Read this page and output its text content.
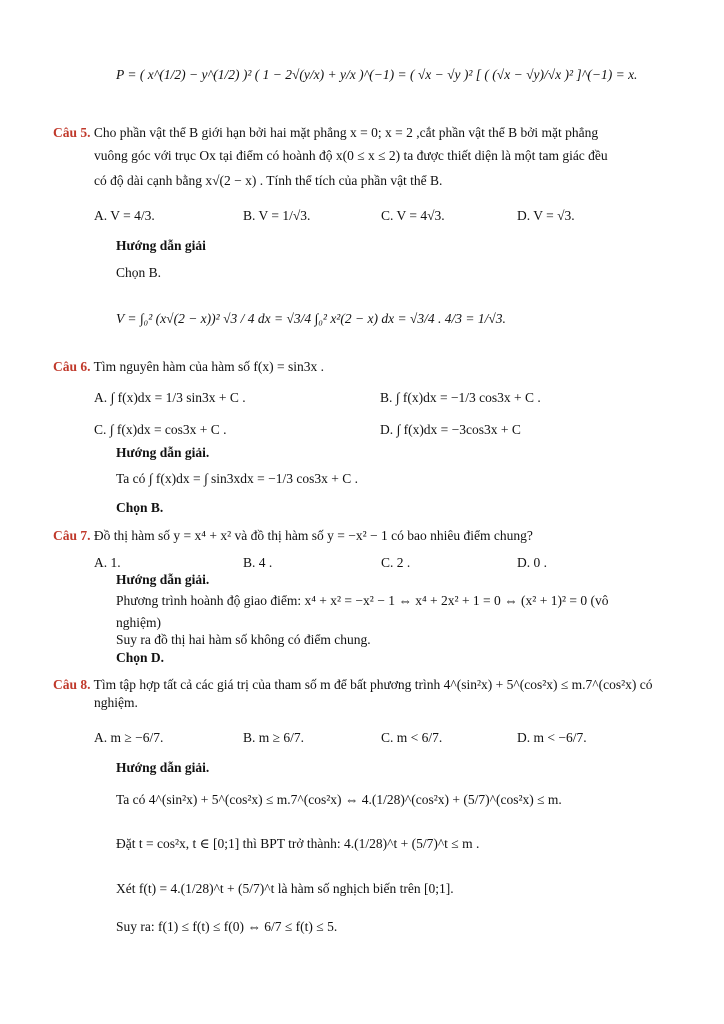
P = ( x^(1/2) − y^(1/2) )² ( 1 − 2√(y/x) + y/x )^(−1) = ( √x − √y )² [ ( (√x − √y)/√x )² ]^(−1) = x.
Câu 5. Cho phần vật thể B giới hạn bởi hai mặt phẳng x = 0; x = 2 ,cắt phần vật thể B bởi mặt phẳng
vuông góc với trục Ox tại điểm có hoành độ x(0 ≤ x ≤ 2) ta được thiết diện là một tam giác đều
có độ dài cạnh bằng x√(2 − x) . Tính thể tích của phần vật thể B.
A. V = 4/3.	B. V = 1/√3.	C. V = 4√3.	D. V = √3.
Hướng dẫn giải
Chọn B.
V = ∫₀² (x√(2 − x))² √3 / 4 dx = √3/4 ∫₀² x²(2 − x) dx = √3/4 . 4/3 = 1/√3.
Câu 6. Tìm nguyên hàm của hàm số f(x) = sin3x .
A. ∫ f(x)dx = 1/3 sin3x + C .	B. ∫ f(x)dx = −1/3 cos3x + C .
C. ∫ f(x)dx = cos3x + C .	D. ∫ f(x)dx = −3cos3x + C
Hướng dẫn giải.
Ta có ∫ f(x)dx = ∫ sin3xdx = −1/3 cos3x + C .
Chọn B.
Câu 7. Đồ thị hàm số y = x⁴ + x² và đồ thị hàm số y = −x² − 1 có bao nhiêu điểm chung?
A. 1.	B. 4 .	C. 2 .	D. 0 .
Hướng dẫn giải.
Phương trình hoành độ giao điểm: x⁴ + x² = −x² − 1 ⇔ x⁴ + 2x² + 1 = 0 ⇔ (x² + 1)² = 0 (vô
nghiệm)
Suy ra đồ thị hai hàm số không có điểm chung.
Chọn D.
Câu 8. Tìm tập hợp tất cả các giá trị của tham số m để bất phương trình 4^(sin²x) + 5^(cos²x) ≤ m.7^(cos²x) có
nghiệm.
A. m ≥ −6/7.	B. m ≥ 6/7.	C. m < 6/7.	D. m < −6/7.
Hướng dẫn giải.
Ta có 4^(sin²x) + 5^(cos²x) ≤ m.7^(cos²x) ⇔ 4.(1/28)^(cos²x) + (5/7)^(cos²x) ≤ m.
Đặt t = cos²x, t ∈ [0;1] thì BPT trở thành: 4.(1/28)^t + (5/7)^t ≤ m .
Xét f(t) = 4.(1/28)^t + (5/7)^t là hàm số nghịch biến trên [0;1].
Suy ra: f(1) ≤ f(t) ≤ f(0) ⇔ 6/7 ≤ f(t) ≤ 5.
